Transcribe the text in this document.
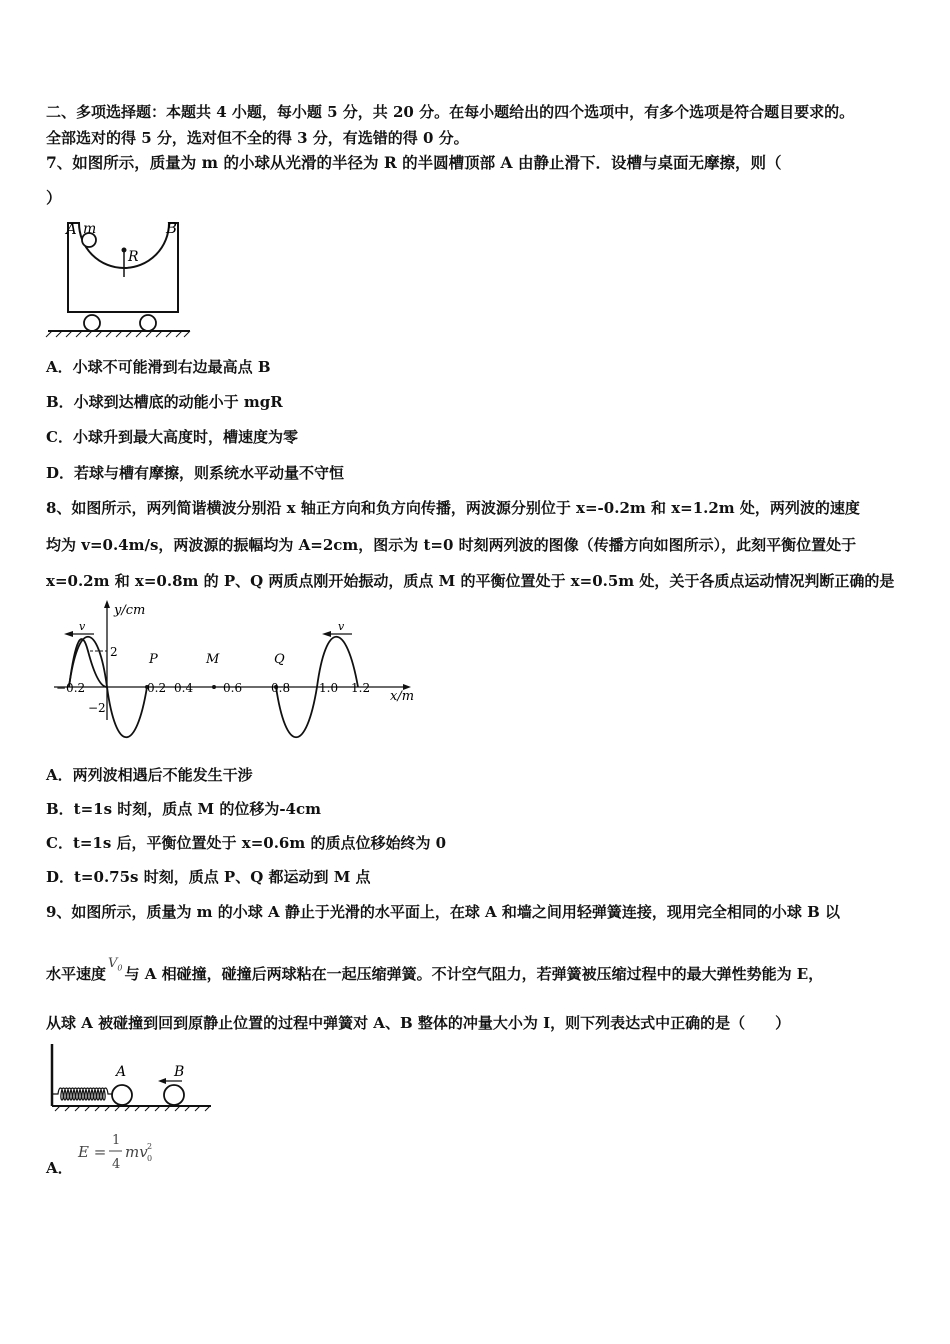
二、多项选择题：本题共 4 小题，每小题 5 分，共 20 分。在每小题给出的四个选项中，有多个选项是符合题目要求的。
全部选对的得 5 分，选对但不全的得 3 分，有选错的得 0 分。
7、如图所示，质量为 m 的小球从光滑的半径为 R 的半圆槽顶部 A 由静止滑下．设槽与桌面无摩擦，则（
）
A m	B
R
A．小球不可能滑到右边最高点 B
B．小球到达槽底的动能小于 mgR
C．小球升到最大高度时，槽速度为零
D．若球与槽有摩擦，则系统水平动量不守恒
8、如图所示，两列简谐横波分别沿 x 轴正方向和负方向传播，两波源分别位于 x=-0.2m 和 x=1.2m 处，两列波的速度
均为 v=0.4m/s，两波源的振幅均为 A=2cm，图示为 t=0 时刻两列波的图像（传播方向如图所示），此刻平衡位置处于
x=0.2m 和 x=0.8m 的 P、Q 两质点刚开始振动，质点 M 的平衡位置处于 x=0.5m 处，关于各质点运动情况判断正确的是
v	v
y/cm
x/m
2
−2
−0.2	0.2 0.4 0.6 0.8 1.0 1.2
P	M	Q
A．两列波相遇后不能发生干涉
B．t=1s 时刻，质点 M 的位移为-4cm
C．t=1s 后，平衡位置处于 x=0.6m 的质点位移始终为 0
D．t=0.75s 时刻，质点 P、Q 都运动到 M 点
9、如图所示，质量为 m 的小球 A 静止于光滑的水平面上，在球 A 和墙之间用轻弹簧连接，现用完全相同的小球 B 以
水平速度$V_0$ 与 A 相碰撞，碰撞后两球粘在一起压缩弹簧。不计空气阻力，若弹簧被压缩过程中的最大弹性势能为 E，
从球 A 被碰撞到回到原静止位置的过程中弹簧对 A、B 整体的冲量大小为 I，则下列表达式中正确的是（　　）
A	B
A．
E =
1
4
mv 0
2
